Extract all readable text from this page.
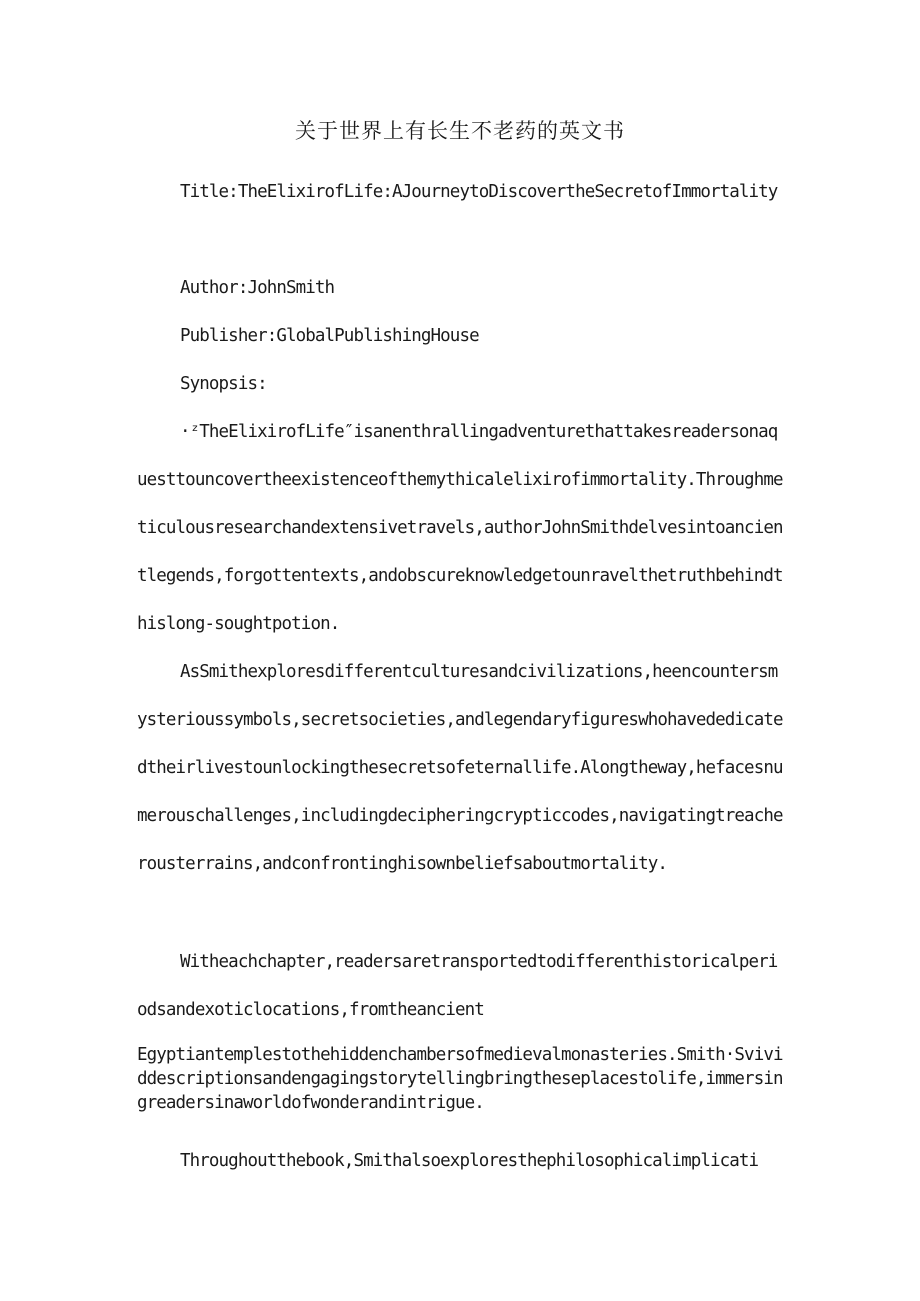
关于世界上有长生不老药的英文书
Title:TheElixirofLife:AJourneytoDiscovertheSecretofImmortality
Author:JohnSmith
Publisher:GlobalPublishingHouse
Synopsis:
·ᶻTheElixirofLife″isanenthrallingadventurethattakesreadersonaquesttouncovertheexistenceofthemythicalelixirofimmortality.Throughmeticulousresearchandextensivetravels,authorJohnSmithdelvesintoancientlegends,forgottentexts,andobscureknowledgetounravelthetruthbehindthislong-soughtpotion.
AsSmithexploresdifferentculturesandcivilizations,heencountersmysterioussymbols,secretsocieties,andlegendaryfigureswhohavededicatedtheirlivestounlockingthesecretsofeternallife.Alongtheway,hefacesnumerouschallenges,includingdecipheringcrypticcodes,navigatingtreacherousterrains,andconfrontinghisownbeliefsaboutmortality.
Witheachchapter,readersaretransportedtodifferenthistoricalperiodsandexoticlocations,fromtheancient
Egyptiantemplestothehiddenchambersofmedievalmonasteries.Smith·Svividdescriptionsandengagingstorytellingbringtheseplacestolife,immersingreadersinaworldofwonderandintrigue.
Throughoutthebook,Smithalsoexploresthephilosophicalimplicati
